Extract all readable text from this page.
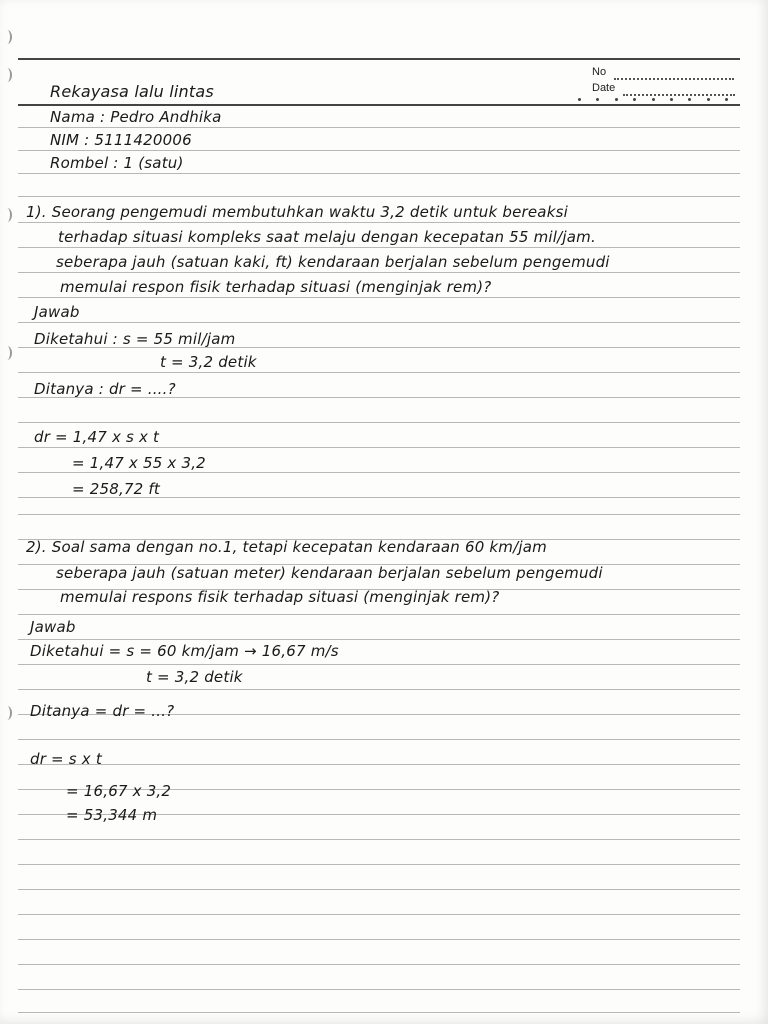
No
Date
Rekayasa lalu lintas
Nama : Pedro Andhika
NIM : 5111420006
Rombel : 1 (satu)
1). Seorang pengemudi membutuhkan waktu 3,2 detik untuk bereaksi
terhadap situasi kompleks saat melaju dengan kecepatan 55 mil/jam.
seberapa jauh (satuan kaki, ft) kendaraan berjalan sebelum pengemudi
memulai respon fisik terhadap situasi (menginjak rem)?
Jawab
Diketahui : s = 55 mil/jam
t = 3,2 detik
Ditanya : dr = ....?
dr = 1,47 x s x t
= 1,47 x 55 x 3,2
= 258,72 ft
2). Soal sama dengan no.1, tetapi kecepatan kendaraan 60 km/jam
seberapa jauh (satuan meter) kendaraan berjalan sebelum pengemudi
memulai respons fisik terhadap situasi (menginjak rem)?
Jawab
Diketahui = s = 60 km/jam → 16,67 m/s
t = 3,2 detik
Ditanya = dr = ...?
dr = s x t
= 16,67 x 3,2
= 53,344 m
